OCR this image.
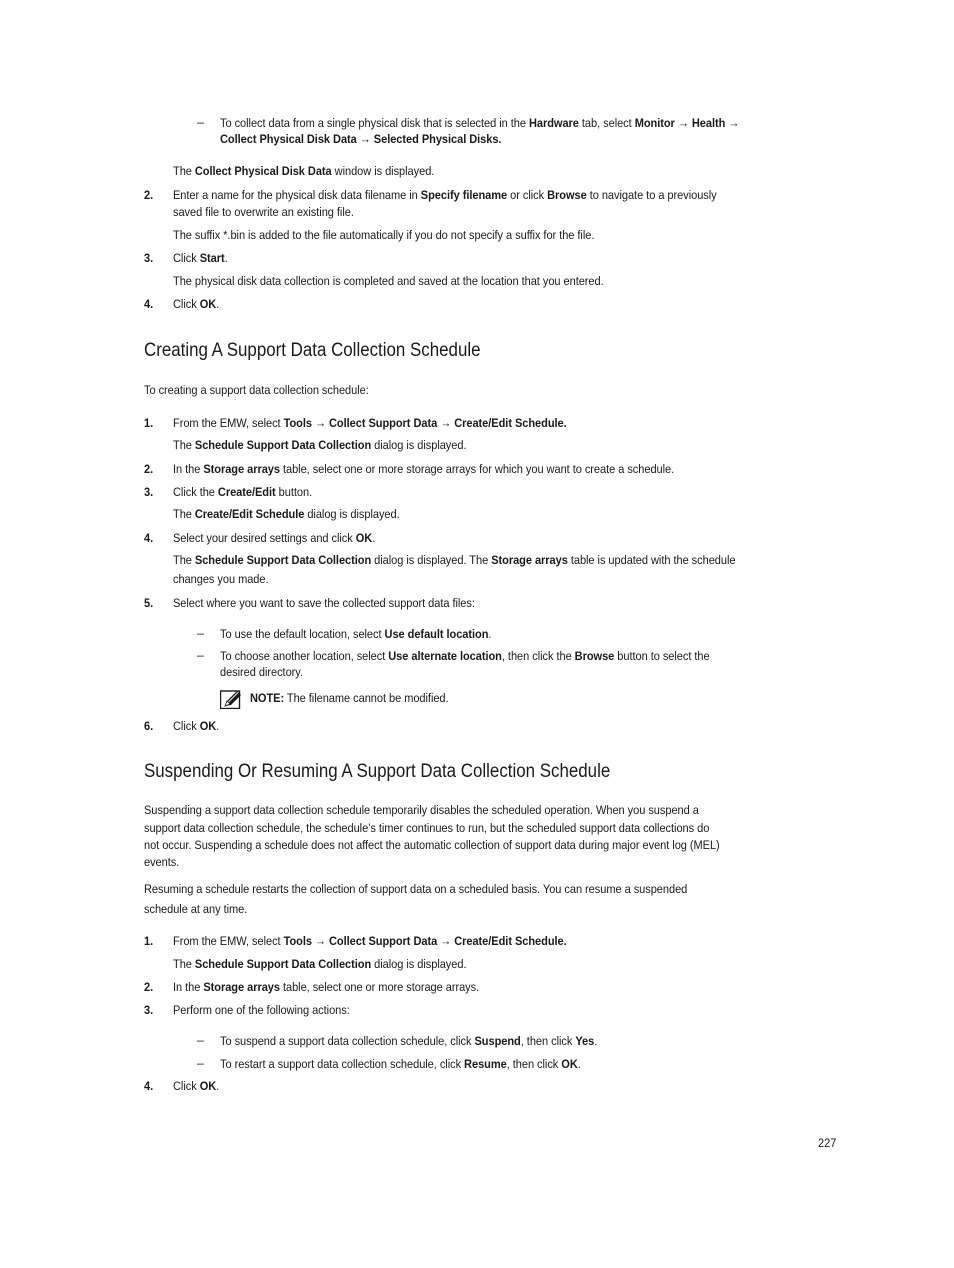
– To collect data from a single physical disk that is selected in the Hardware tab, select Monitor → Health →
Collect Physical Disk Data → Selected Physical Disks.
The Collect Physical Disk Data window is displayed.
2. Enter a name for the physical disk data filename in Specify filename or click Browse to navigate to a previously
saved file to overwrite an existing file.
The suffix *.bin is added to the file automatically if you do not specify a suffix for the file.
3. Click Start.
The physical disk data collection is completed and saved at the location that you entered.
4. Click OK.
Creating A Support Data Collection Schedule
To creating a support data collection schedule:
1. From the EMW, select Tools → Collect Support Data → Create/Edit Schedule.
The Schedule Support Data Collection dialog is displayed.
2. In the Storage arrays table, select one or more storage arrays for which you want to create a schedule.
3. Click the Create/Edit button.
The Create/Edit Schedule dialog is displayed.
4. Select your desired settings and click OK.
The Schedule Support Data Collection dialog is displayed. The Storage arrays table is updated with the schedule
changes you made.
5. Select where you want to save the collected support data files:
– To use the default location, select Use default location.
– To choose another location, select Use alternate location, then click the Browse button to select the
desired directory.
NOTE: The filename cannot be modified.
6. Click OK.
Suspending Or Resuming A Support Data Collection Schedule
Suspending a support data collection schedule temporarily disables the scheduled operation. When you suspend a
support data collection schedule, the schedule’s timer continues to run, but the scheduled support data collections do
not occur. Suspending a schedule does not affect the automatic collection of support data during major event log (MEL)
events.
Resuming a schedule restarts the collection of support data on a scheduled basis. You can resume a suspended
schedule at any time.
1. From the EMW, select Tools → Collect Support Data → Create/Edit Schedule.
The Schedule Support Data Collection dialog is displayed.
2. In the Storage arrays table, select one or more storage arrays.
3. Perform one of the following actions:
– To suspend a support data collection schedule, click Suspend, then click Yes.
– To restart a support data collection schedule, click Resume, then click OK.
4. Click OK.
227
